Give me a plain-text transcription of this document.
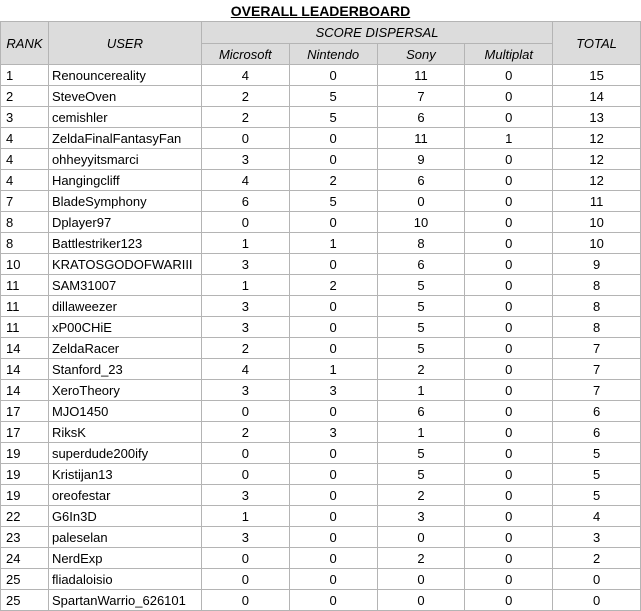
OVERALL LEADERBOARD						
RANK	USER	SCORE DISPERSAL				TOTAL
		Microsoft	Nintendo	Sony	Multiplat	
1	Renouncereality	4	0	11	0	15
2	SteveOven	2	5	7	0	14
3	cemishler	2	5	6	0	13
4	ZeldaFinalFantasyFan	0	0	11	1	12
4	ohheyyitsmarci	3	0	9	0	12
4	Hangingcliff	4	2	6	0	12
7	BladeSymphony	6	5	0	0	11
8	Dplayer97	0	0	10	0	10
8	Battlestriker123	1	1	8	0	10
10	KRATOSGODOFWARIII	3	0	6	0	9
11	SAM31007	1	2	5	0	8
11	dillaweezer	3	0	5	0	8
11	xP00CHiE	3	0	5	0	8
14	ZeldaRacer	2	0	5	0	7
14	Stanford_23	4	1	2	0	7
14	XeroTheory	3	3	1	0	7
17	MJO1450	0	0	6	0	6
17	RiksK	2	3	1	0	6
19	superdude200ify	0	0	5	0	5
19	Kristijan13	0	0	5	0	5
19	oreofestar	3	0	2	0	5
22	G6In3D	1	0	3	0	4
23	paleselan	3	0	0	0	3
24	NerdExp	0	0	2	0	2
25	fliadaloisio	0	0	0	0	0
25	SpartanWarrio_626101	0	0	0	0	0
